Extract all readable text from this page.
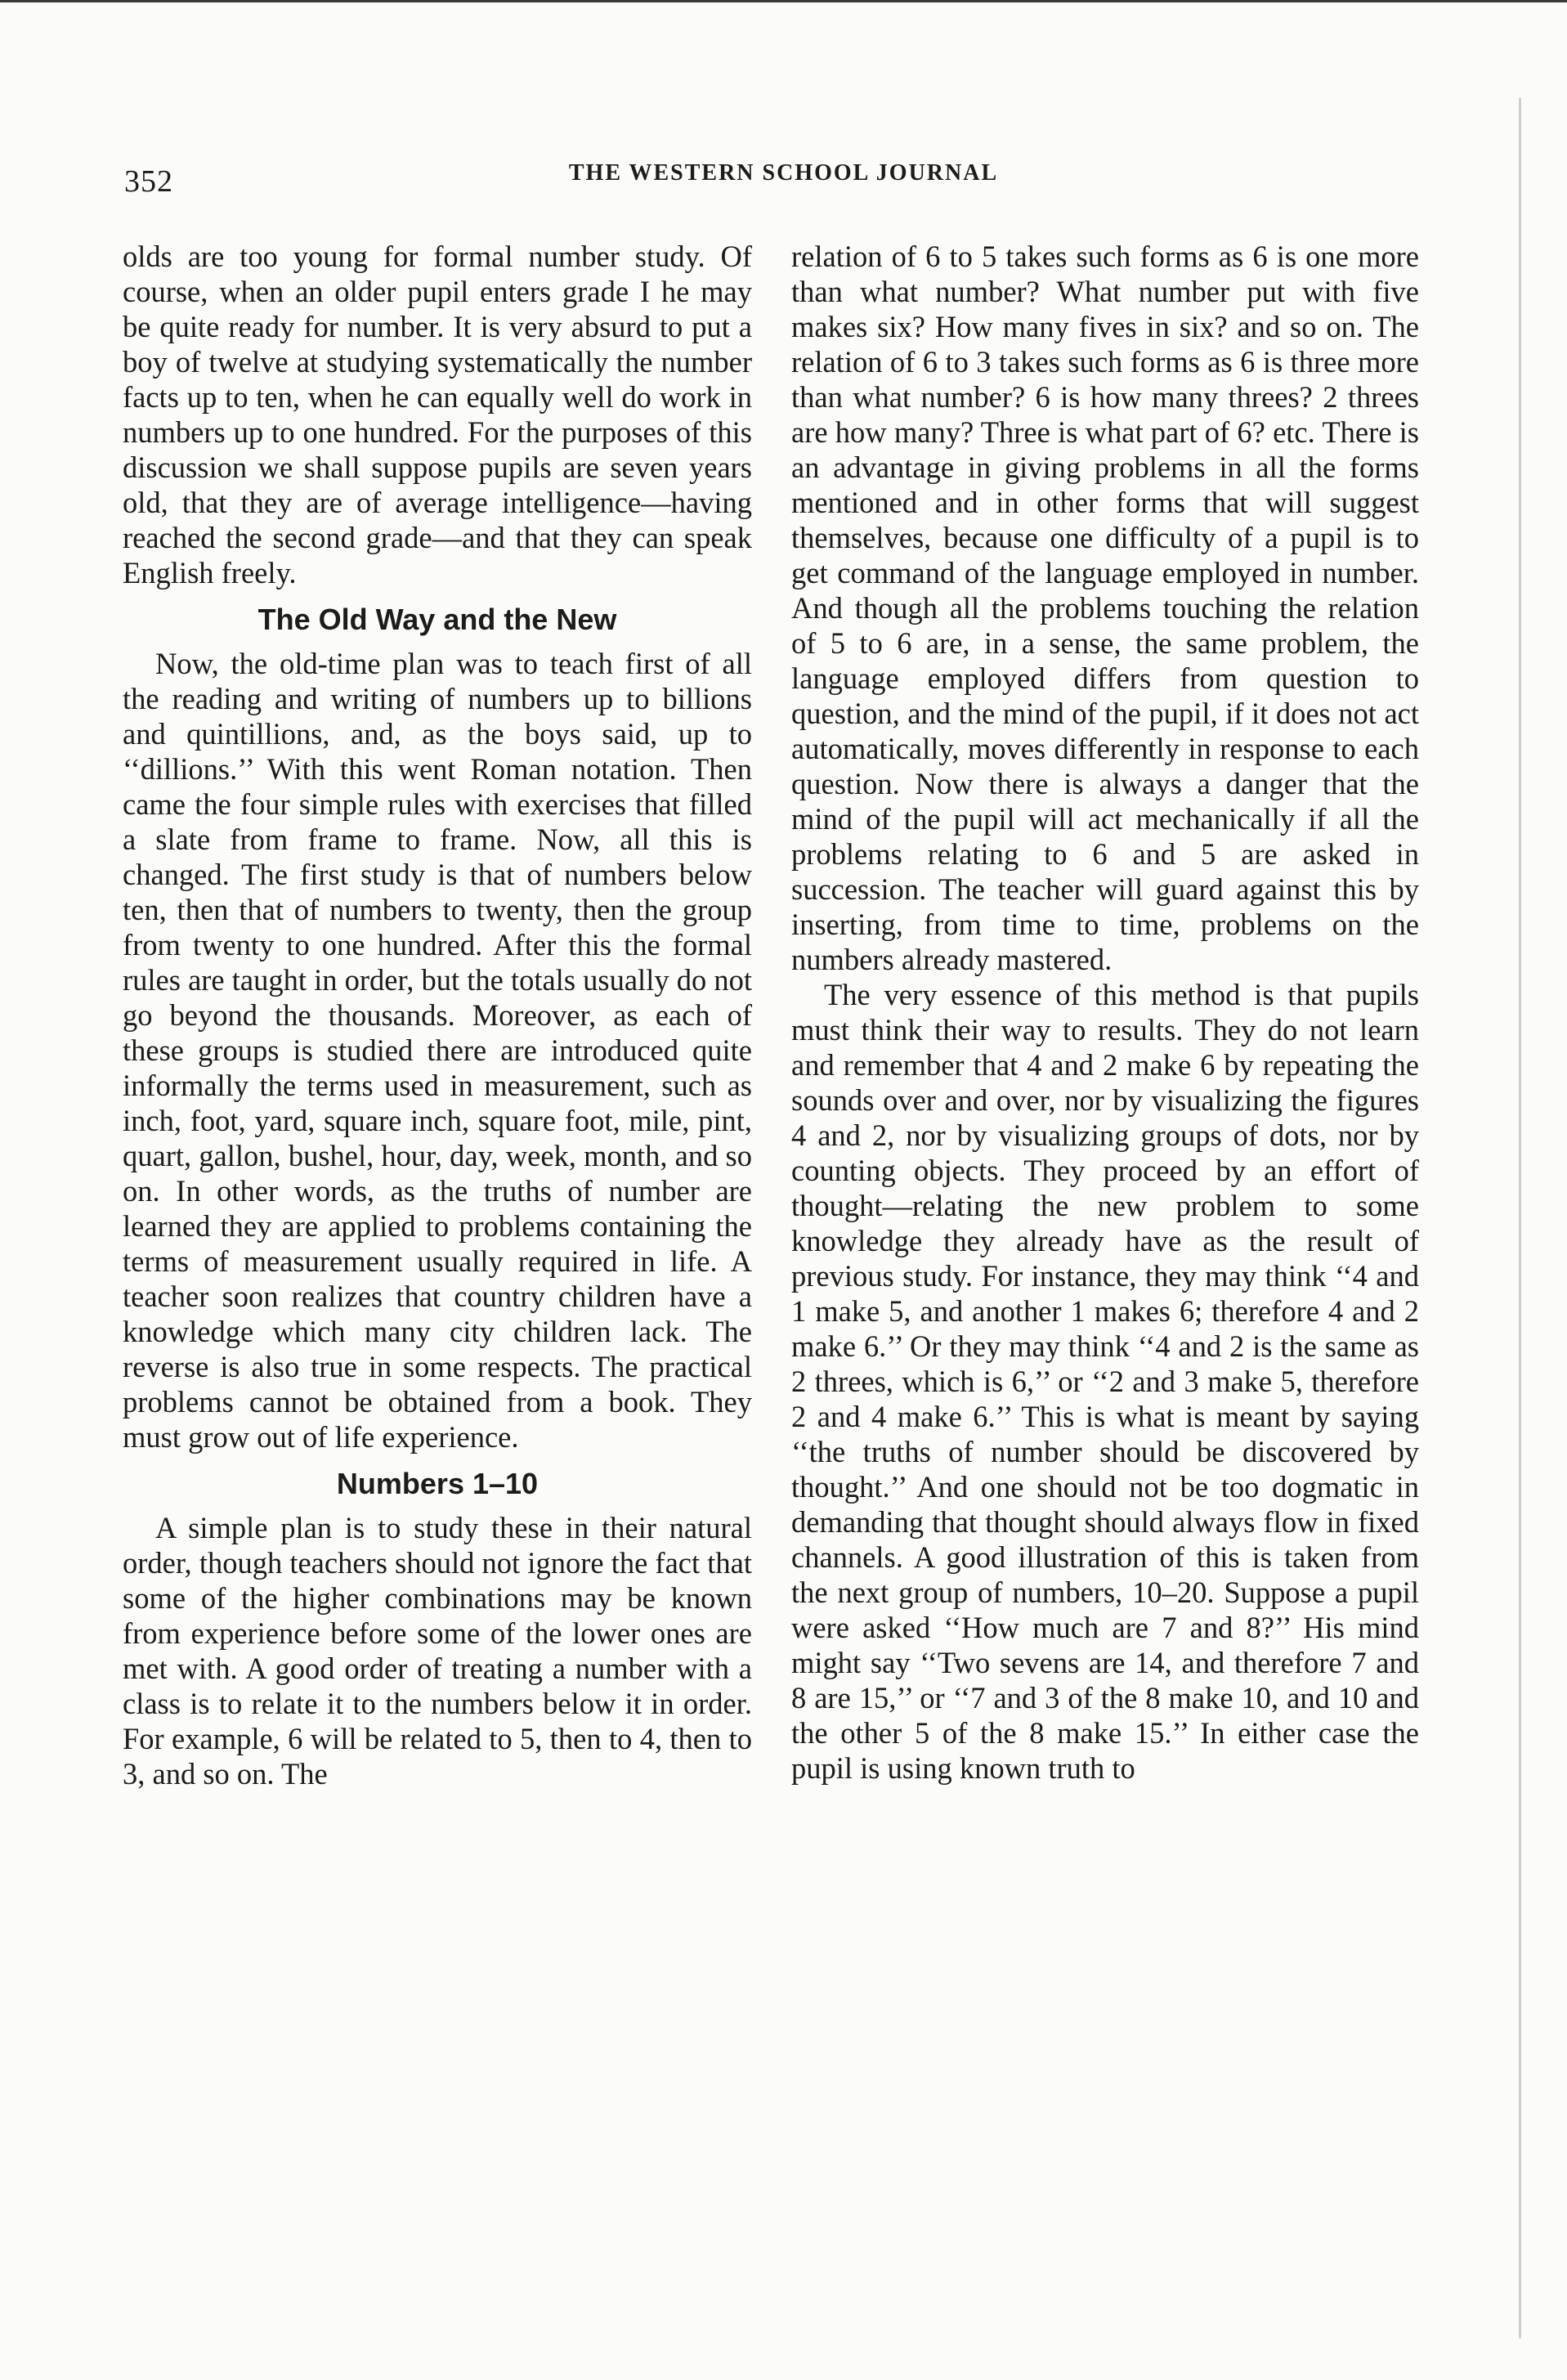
352	THE WESTERN SCHOOL JOURNAL

olds are too young for formal number study. Of course, when an older pupil enters grade I he may be quite ready for number. It is very absurd to put a boy of twelve at studying systematically the number facts up to ten, when he can equally well do work in numbers up to one hundred. For the purposes of this discussion we shall suppose pupils are seven years old, that they are of average intelligence—having reached the second grade—and that they can speak English freely.

The Old Way and the New

Now, the old-time plan was to teach first of all the reading and writing of numbers up to billions and quintillions, and, as the boys said, up to ‘‘dillions.’’ With this went Roman notation. Then came the four simple rules with exercises that filled a slate from frame to frame. Now, all this is changed. The first study is that of numbers below ten, then that of numbers to twenty, then the group from twenty to one hundred. After this the formal rules are taught in order, but the totals usually do not go beyond the thousands. Moreover, as each of these groups is studied there are introduced quite informally the terms used in measurement, such as inch, foot, yard, square inch, square foot, mile, pint, quart, gallon, bushel, hour, day, week, month, and so on. In other words, as the truths of number are learned they are applied to problems containing the terms of measurement usually required in life. A teacher soon realizes that country children have a knowledge which many city children lack. The reverse is also true in some respects. The practical problems cannot be obtained from a book. They must grow out of life experience.

Numbers 1–10

A simple plan is to study these in their natural order, though teachers should not ignore the fact that some of the higher combinations may be known from experience before some of the lower ones are met with. A good order of treating a number with a class is to relate it to the numbers below it in order. For example, 6 will be related to 5, then to 4, then to 3, and so on. The

relation of 6 to 5 takes such forms as 6 is one more than what number? What number put with five makes six? How many fives in six? and so on. The relation of 6 to 3 takes such forms as 6 is three more than what number? 6 is how many threes? 2 threes are how many? Three is what part of 6? etc. There is an advantage in giving problems in all the forms mentioned and in other forms that will suggest themselves, because one difficulty of a pupil is to get command of the language employed in number. And though all the problems touching the relation of 5 to 6 are, in a sense, the same problem, the language employed differs from question to question, and the mind of the pupil, if it does not act automatically, moves differently in response to each question. Now there is always a danger that the mind of the pupil will act mechanically if all the problems relating to 6 and 5 are asked in succession. The teacher will guard against this by inserting, from time to time, problems on the numbers already mastered.

The very essence of this method is that pupils must think their way to results. They do not learn and remember that 4 and 2 make 6 by repeating the sounds over and over, nor by visualizing the figures 4 and 2, nor by visualizing groups of dots, nor by counting objects. They proceed by an effort of thought—relating the new problem to some knowledge they already have as the result of previous study. For instance, they may think ‘‘4 and 1 make 5, and another 1 makes 6; therefore 4 and 2 make 6.’’ Or they may think ‘‘4 and 2 is the same as 2 threes, which is 6,’’ or ‘‘2 and 3 make 5, therefore 2 and 4 make 6.’’ This is what is meant by saying ‘‘the truths of number should be discovered by thought.’’ And one should not be too dogmatic in demanding that thought should always flow in fixed channels. A good illustration of this is taken from the next group of numbers, 10–20. Suppose a pupil were asked ‘‘How much are 7 and 8?’’ His mind might say ‘‘Two sevens are 14, and therefore 7 and 8 are 15,’’ or ‘‘7 and 3 of the 8 make 10, and 10 and the other 5 of the 8 make 15.’’ In either case the pupil is using known truth to
